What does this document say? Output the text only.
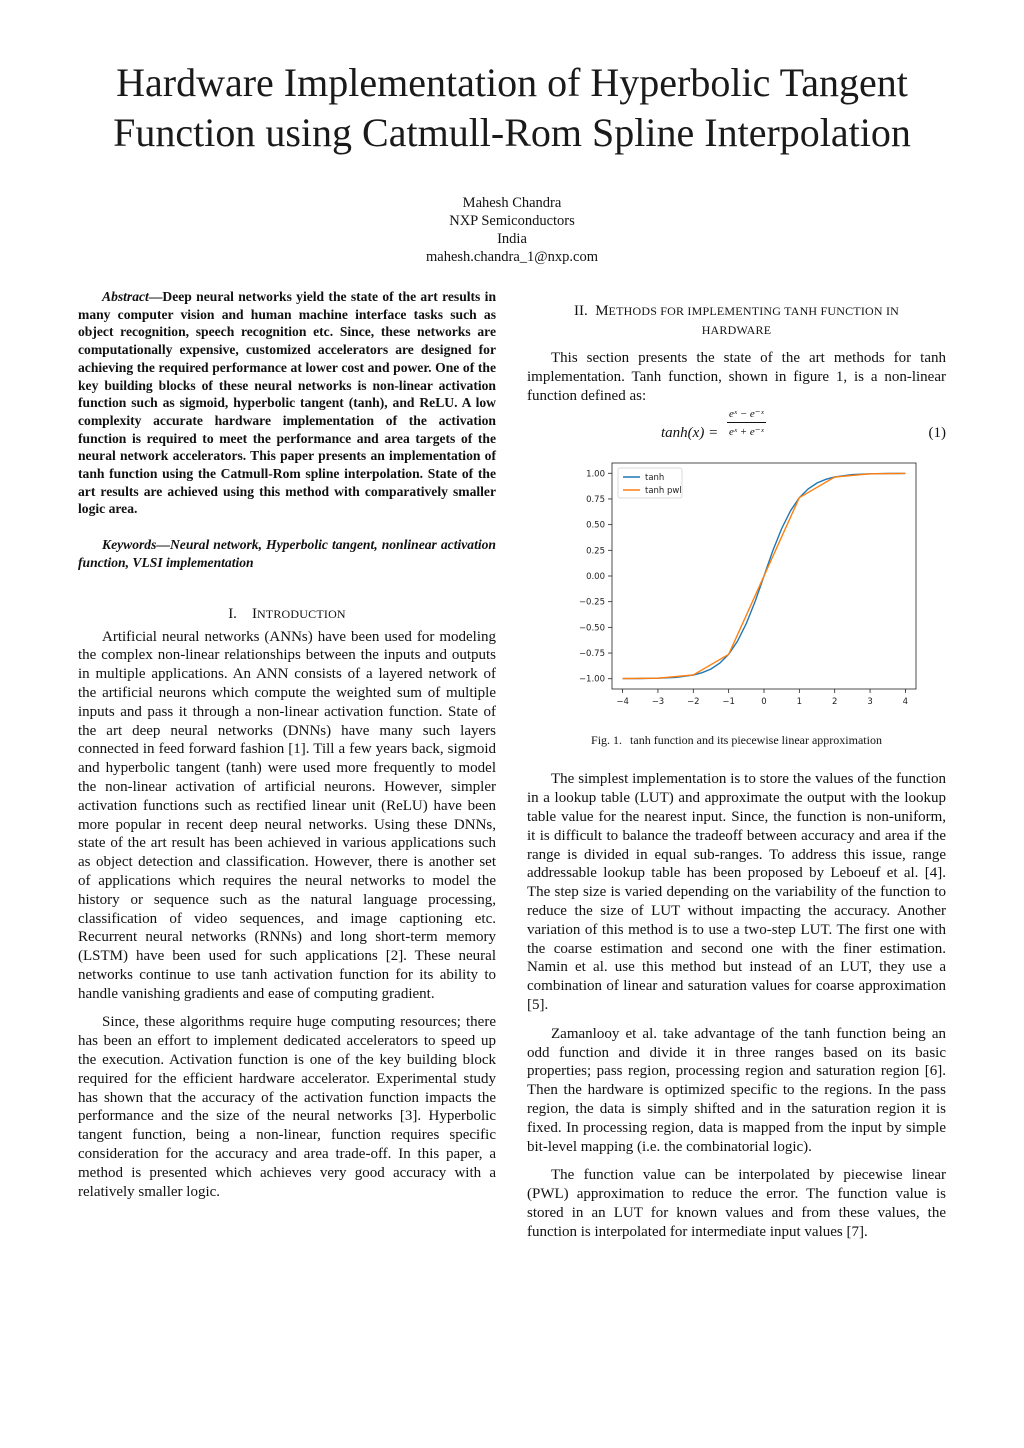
Hardware Implementation of Hyperbolic Tangent
Function using Catmull-Rom Spline Interpolation
Mahesh Chandra
NXP Semiconductors
India
mahesh.chandra_1@nxp.com

Abstract—Deep neural networks yield the state of the art results in many computer vision and human machine interface tasks such as object recognition, speech recognition etc. Since, these networks are computationally expensive, customized accelerators are designed for achieving the required performance at lower cost and power. One of the key building blocks of these neural networks is non-linear activation function such as sigmoid, hyperbolic tangent (tanh), and ReLU. A low complexity accurate hardware implementation of the activation function is required to meet the performance and area targets of the neural network accelerators. This paper presents an implementation of tanh function using the Catmull-Rom spline interpolation. State of the art results are achieved using this method with comparatively smaller logic area.

Keywords—Neural network, Hyperbolic tangent, nonlinear activation function, VLSI implementation

I. INTRODUCTION

Artificial neural networks (ANNs) have been used for modeling the complex non-linear relationships between the inputs and outputs in multiple applications. An ANN consists of a layered network of the artificial neurons which compute the weighted sum of multiple inputs and pass it through a non-linear activation function. State of the art deep neural networks (DNNs) have many such layers connected in feed forward fashion [1]. Till a few years back, sigmoid and hyperbolic tangent (tanh) were used more frequently to model the non-linear activation of artificial neurons. However, simpler activation functions such as rectified linear unit (ReLU) have been more popular in recent deep neural networks. Using these DNNs, state of the art result has been achieved in various applications such as object detection and classification. However, there is another set of applications which requires the neural networks to model the history or sequence such as the natural language processing, classification of video sequences, and image captioning etc. Recurrent neural networks (RNNs) and long short-term memory (LSTM) have been used for such applications [2]. These neural networks continue to use tanh activation function for its ability to handle vanishing gradients and ease of computing gradient.

Since, these algorithms require huge computing resources; there has been an effort to implement dedicated accelerators to speed up the execution. Activation function is one of the key building block required for the efficient hardware accelerator. Experimental study has shown that the accuracy of the activation function impacts the performance and the size of the neural networks [3]. Hyperbolic tangent function, being a non-linear, function requires specific consideration for the accuracy and area trade-off. In this paper, a method is presented which achieves very good accuracy with a relatively smaller logic.

II. METHODS FOR IMPLEMENTING TANH FUNCTION IN
HARDWARE

This section presents the state of the art methods for tanh implementation. Tanh function, shown in figure 1, is a non-linear function defined as:

tanh(x) =
eˣ − e⁻ˣ
eˣ + e⁻ˣ	(1)
−4	−3	−2	−1	0	1	2	3	4
1.00
0.75
0.50
0.25
0.00
−0.25
−0.50
−0.75
−1.00
tanh
tanh pwl

Fig. 1. tanh function and its piecewise linear approximation

The simplest implementation is to store the values of the function in a lookup table (LUT) and approximate the output with the lookup table value for the nearest input. Since, the function is non-uniform, it is difficult to balance the tradeoff between accuracy and area if the range is divided in equal sub-ranges. To address this issue, range addressable lookup table has been proposed by Leboeuf et al. [4]. The step size is varied depending on the variability of the function to reduce the size of LUT without impacting the accuracy. Another variation of this method is to use a two-step LUT. The first one with the coarse estimation and second one with the finer estimation. Namin et al. use this method but instead of an LUT, they use a combination of linear and saturation values for coarse approximation [5].

Zamanlooy et al. take advantage of the tanh function being an odd function and divide it in three ranges based on its basic properties; pass region, processing region and saturation region [6]. Then the hardware is optimized specific to the regions. In the pass region, the data is simply shifted and in the saturation region it is fixed. In processing region, data is mapped from the input by simple bit-level mapping (i.e. the combinatorial logic).

The function value can be interpolated by piecewise linear (PWL) approximation to reduce the error. The function value is stored in an LUT for known values and from these values, the function is interpolated for intermediate input values [7].
